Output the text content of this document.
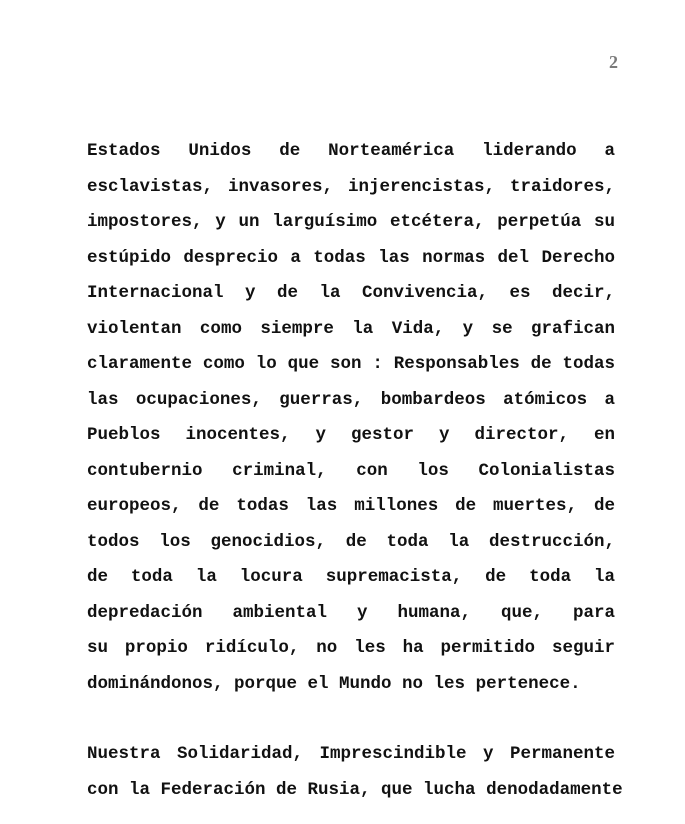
2
Estados Unidos de Norteamérica liderando a
esclavistas, invasores, injerencistas, traidores,
impostores, y un larguísimo etcétera, perpetúa su
estúpido desprecio a todas las normas del Derecho
Internacional y de la Convivencia, es decir,
violentan como siempre la Vida, y se grafican
claramente como lo que son : Responsables de todas
las ocupaciones, guerras, bombardeos atómicos a
Pueblos inocentes, y gestor y director, en
contubernio criminal, con los Colonialistas
europeos, de todas las millones de muertes, de
todos los genocidios, de toda la destrucción,
de toda la locura supremacista, de toda la
depredación ambiental y humana, que, para
su propio ridículo, no les ha permitido seguir
dominándonos, porque el Mundo no les pertenece.
Nuestra Solidaridad, Imprescindible y Permanente
con la Federación de Rusia, que lucha denodadamente
